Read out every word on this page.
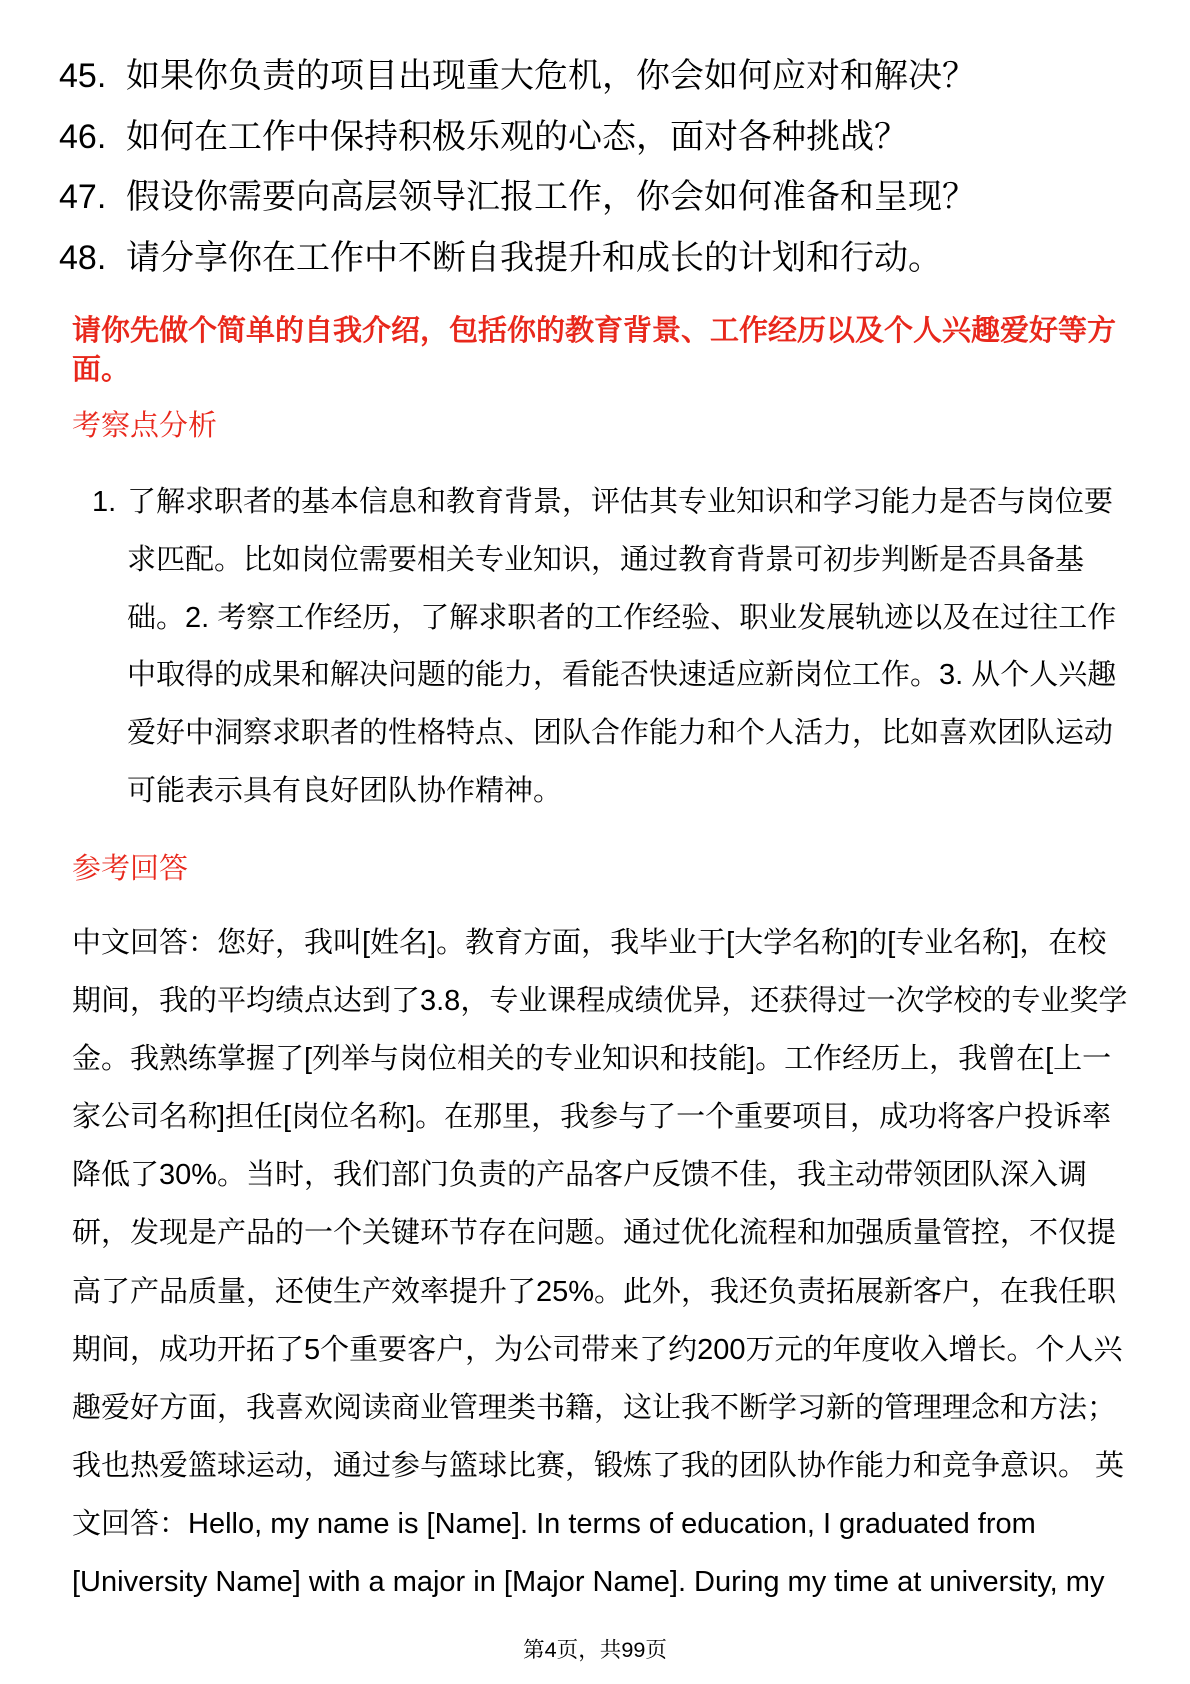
45. 如果你负责的项目出现重大危机，你会如何应对和解决？
46. 如何在工作中保持积极乐观的心态，面对各种挑战？
47. 假设你需要向高层领导汇报工作，你会如何准备和呈现？
48. 请分享你在工作中不断自我提升和成长的计划和行动。
请你先做个简单的自我介绍，包括你的教育背景、工作经历以及个人兴趣爱好等方
面。
考察点分析
1. 了解求职者的基本信息和教育背景，评估其专业知识和学习能力是否与岗位要
求匹配。比如岗位需要相关专业知识，通过教育背景可初步判断是否具备基
础。2. 考察工作经历，了解求职者的工作经验、职业发展轨迹以及在过往工作
中取得的成果和解决问题的能力，看能否快速适应新岗位工作。3. 从个人兴趣
爱好中洞察求职者的性格特点、团队合作能力和个人活力，比如喜欢团队运动
可能表示具有良好团队协作精神。
参考回答
中文回答：您好，我叫[姓名]。教育方面，我毕业于[大学名称]的[专业名称]，在校
期间，我的平均绩点达到了3.8，专业课程成绩优异，还获得过一次学校的专业奖学
金。我熟练掌握了[列举与岗位相关的专业知识和技能]。工作经历上，我曾在[上一
家公司名称]担任[岗位名称]。在那里，我参与了一个重要项目，成功将客户投诉率
降低了30%。当时，我们部门负责的产品客户反馈不佳，我主动带领团队深入调
研，发现是产品的一个关键环节存在问题。通过优化流程和加强质量管控，不仅提
高了产品质量，还使生产效率提升了25%。此外，我还负责拓展新客户，在我任职
期间，成功开拓了5个重要客户，为公司带来了约200万元的年度收入增长。个人兴
趣爱好方面，我喜欢阅读商业管理类书籍，这让我不断学习新的管理理念和方法；
我也热爱篮球运动，通过参与篮球比赛，锻炼了我的团队协作能力和竞争意识。 英
文回答：Hello, my name is [Name]. In terms of education, I graduated from
[University Name] with a major in [Major Name]. During my time at university, my
第4页，共99页
